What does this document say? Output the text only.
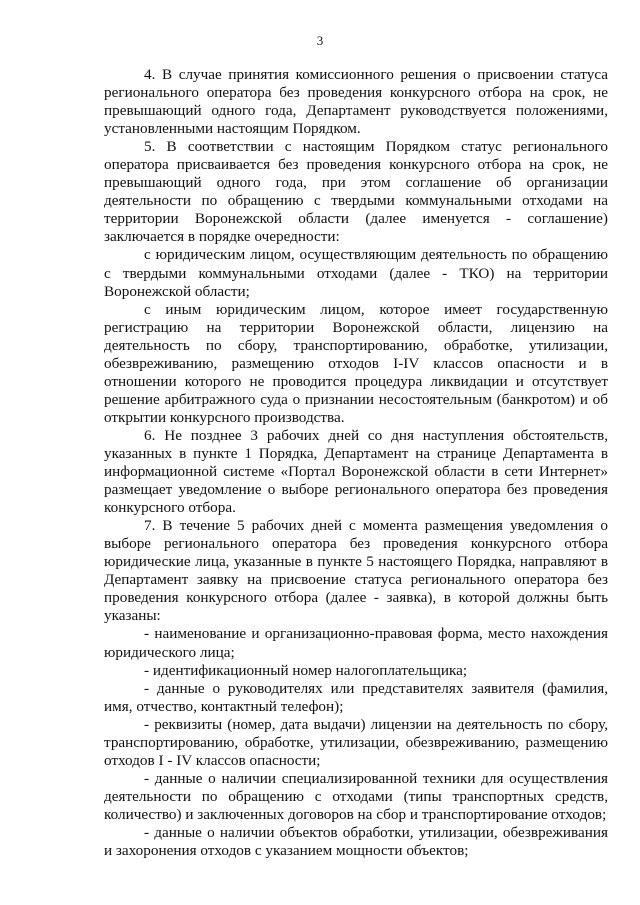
3

4. В случае принятия комиссионного решения о присвоении статуса регионального оператора без проведения конкурсного отбора на срок, не превышающий одного года, Департамент руководствуется положениями, установленными настоящим Порядком.

5. В соответствии с настоящим Порядком статус регионального оператора присваивается без проведения конкурсного отбора на срок, не превышающий одного года, при этом соглашение об организации деятельности по обращению с твердыми коммунальными отходами на территории Воронежской области (далее именуется - соглашение) заключается в порядке очередности:

с юридическим лицом, осуществляющим деятельность по обращению с твердыми коммунальными отходами (далее - ТКО) на территории Воронежской области;

с иным юридическим лицом, которое имеет государственную регистрацию на территории Воронежской области, лицензию на деятельность по сбору, транспортированию, обработке, утилизации, обезвреживанию, размещению отходов I-IV классов опасности и в отношении которого не проводится процедура ликвидации и отсутствует решение арбитражного суда о признании несостоятельным (банкротом) и об открытии конкурсного производства.

6. Не позднее 3 рабочих дней со дня наступления обстоятельств, указанных в пункте 1 Порядка, Департамент на странице Департамента в информационной системе «Портал Воронежской области в сети Интернет» размещает уведомление о выборе регионального оператора без проведения конкурсного отбора.

7. В течение 5 рабочих дней с момента размещения уведомления о выборе регионального оператора без проведения конкурсного отбора юридические лица, указанные в пункте 5 настоящего Порядка, направляют в Департамент заявку на присвоение статуса регионального оператора без проведения конкурсного отбора (далее - заявка), в которой должны быть указаны:

- наименование и организационно-правовая форма, место нахождения юридического лица;

- идентификационный номер налогоплательщика;

- данные о руководителях или представителях заявителя (фамилия, имя, отчество, контактный телефон);

- реквизиты (номер, дата выдачи) лицензии на деятельность по сбору, транспортированию, обработке, утилизации, обезвреживанию, размещению отходов I - IV классов опасности;

- данные о наличии специализированной техники для осуществления деятельности по обращению с отходами (типы транспортных средств, количество) и заключенных договоров на сбор и транспортирование отходов;

- данные о наличии объектов обработки, утилизации, обезвреживания и захоронения отходов с указанием мощности объектов;
